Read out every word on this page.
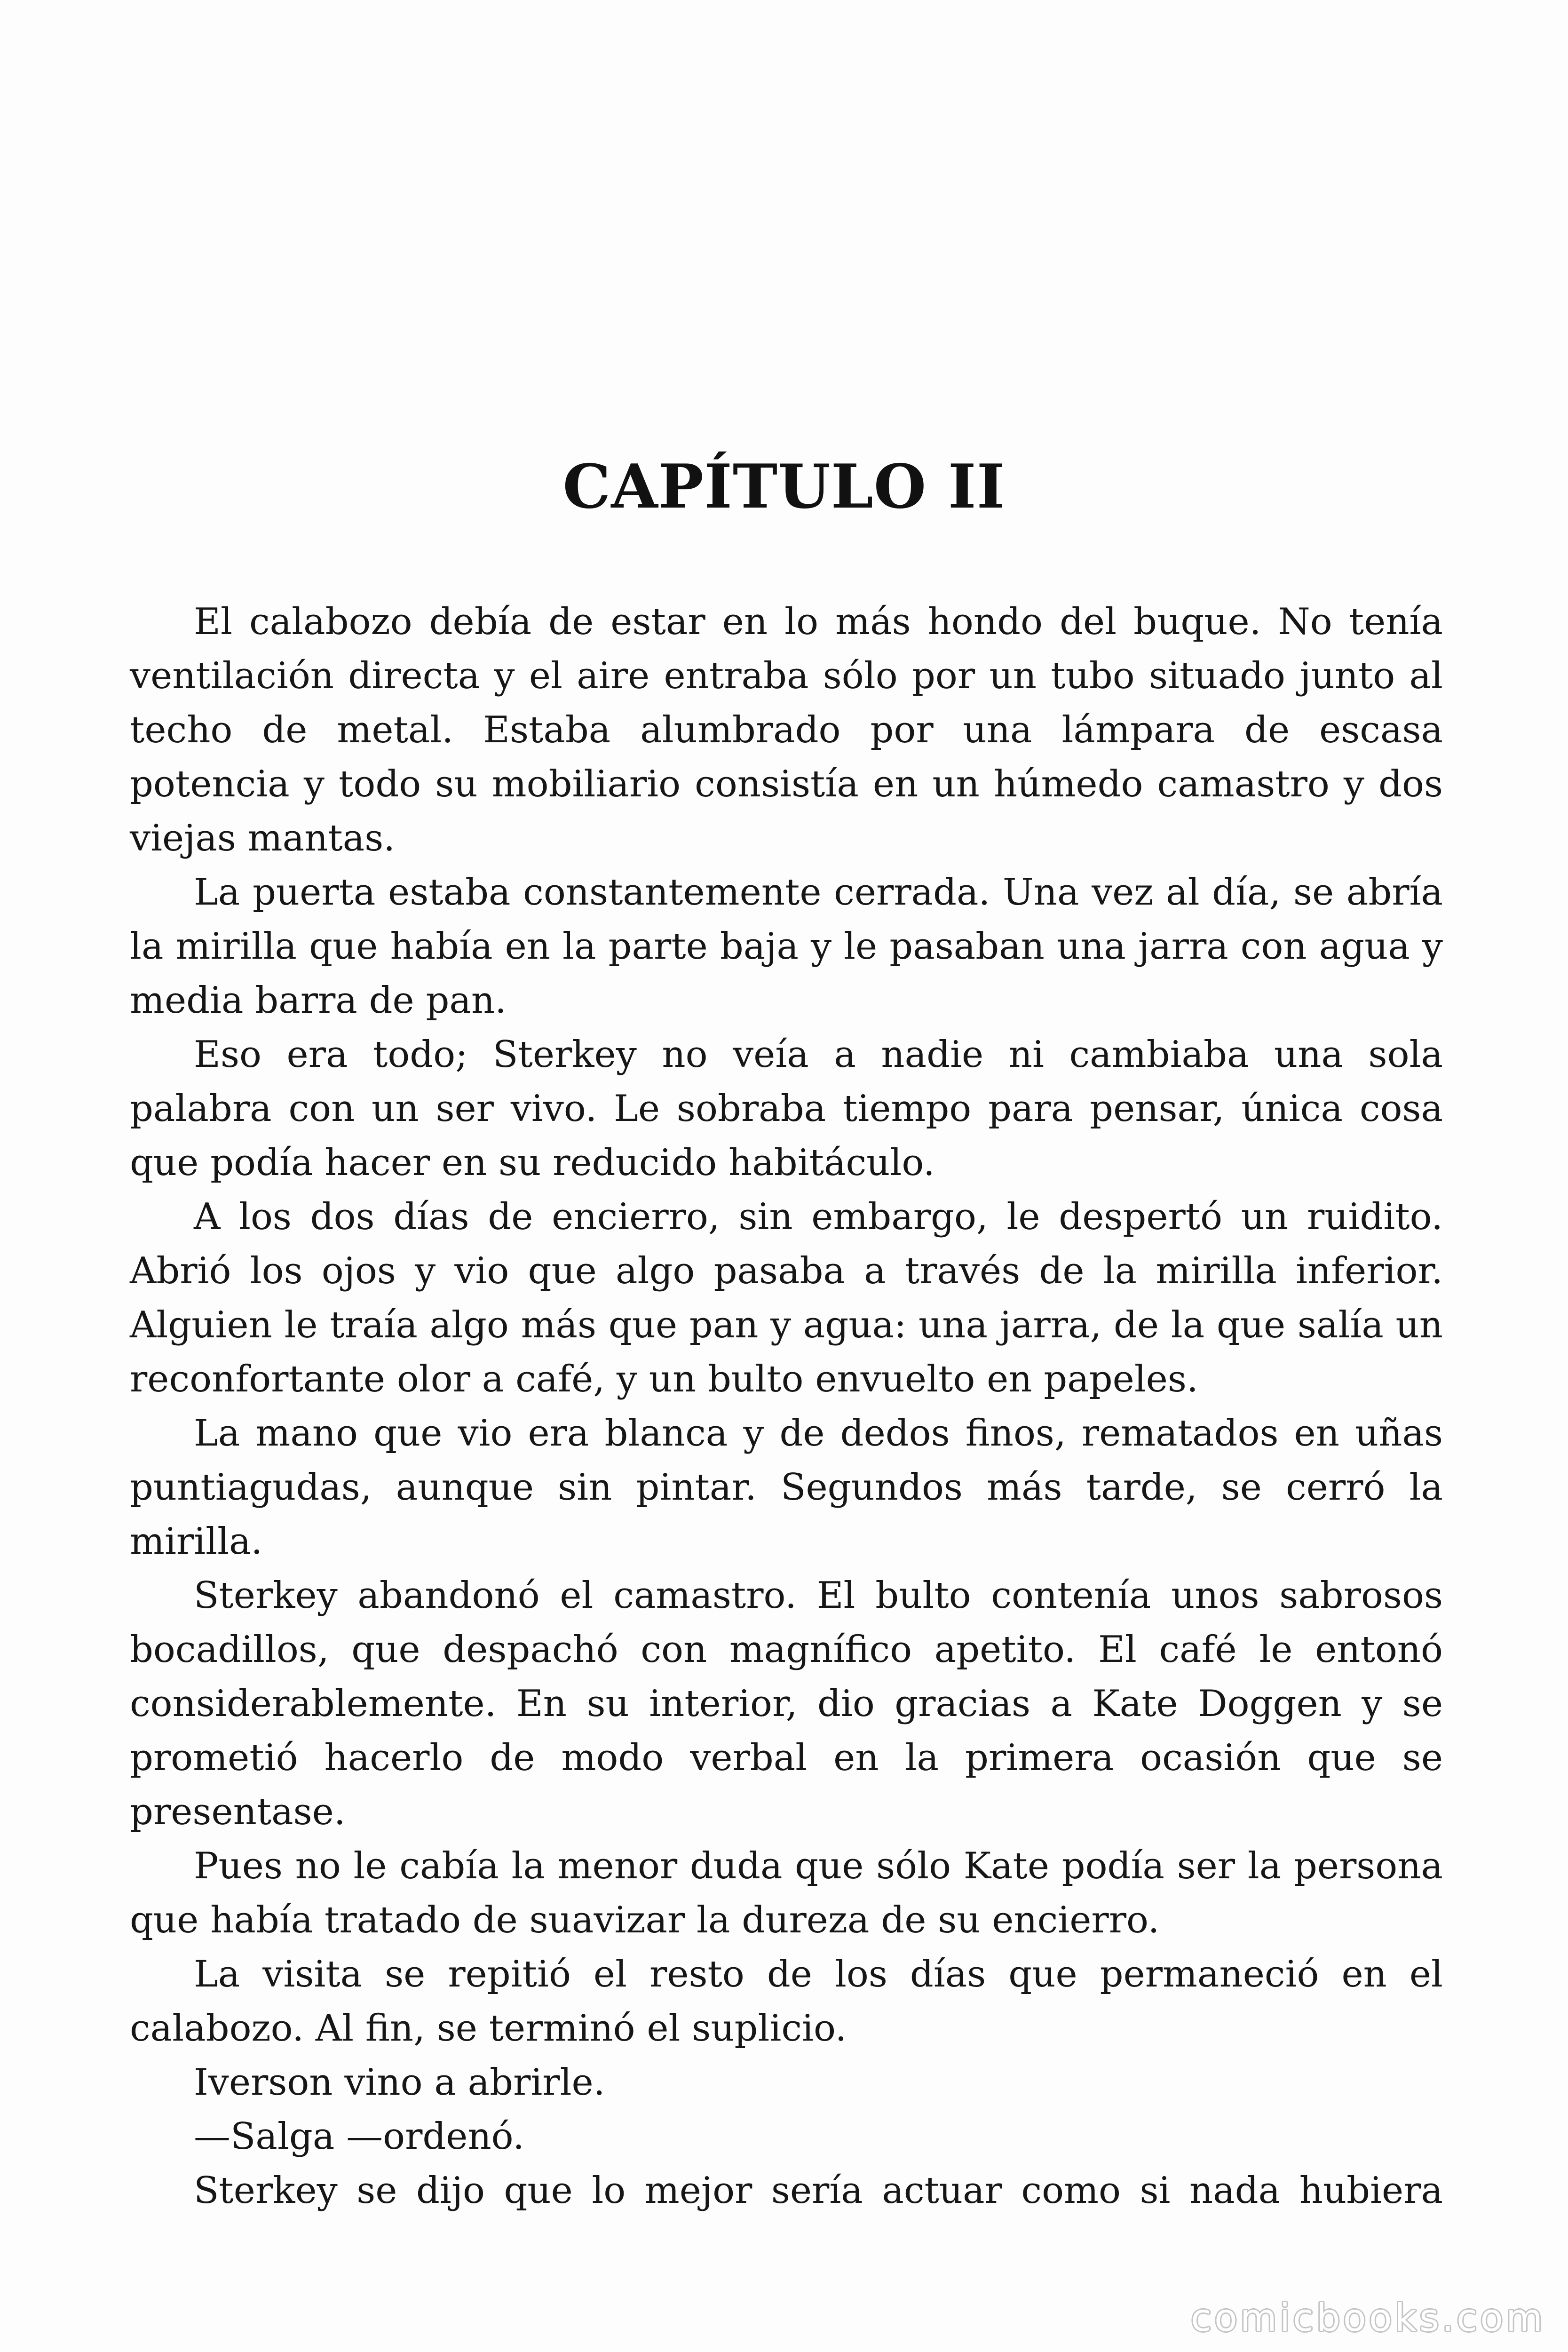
CAPÍTULO II

El calabozo debía de estar en lo más hondo del buque. No tenía ventilación directa y el aire entraba sólo por un tubo situado junto al techo de metal. Estaba alumbrado por una lámpara de escasa potencia y todo su mobiliario consistía en un húmedo camastro y dos viejas mantas.

La puerta estaba constantemente cerrada. Una vez al día, se abría la mirilla que había en la parte baja y le pasaban una jarra con agua y media barra de pan.

Eso era todo; Sterkey no veía a nadie ni cambiaba una sola palabra con un ser vivo. Le sobraba tiempo para pensar, única cosa que podía hacer en su reducido habitáculo.

A los dos días de encierro, sin embargo, le despertó un ruidito. Abrió los ojos y vio que algo pasaba a través de la mirilla inferior. Alguien le traía algo más que pan y agua: una jarra, de la que salía un reconfortante olor a café, y un bulto envuelto en papeles.

La mano que vio era blanca y de dedos finos, rematados en uñas puntiagudas, aunque sin pintar. Segundos más tarde, se cerró la mirilla.

Sterkey abandonó el camastro. El bulto contenía unos sabrosos bocadillos, que despachó con magnífico apetito. El café le entonó considerablemente. En su interior, dio gracias a Kate Doggen y se prometió hacerlo de modo verbal en la primera ocasión que se presentase.

Pues no le cabía la menor duda que sólo Kate podía ser la persona que había tratado de suavizar la dureza de su encierro.

La visita se repitió el resto de los días que permaneció en el calabozo. Al fin, se terminó el suplicio.

Iverson vino a abrirle.

—Salga —ordenó.

Sterkey se dijo que lo mejor sería actuar como si nada hubiera

comicbooks.com
